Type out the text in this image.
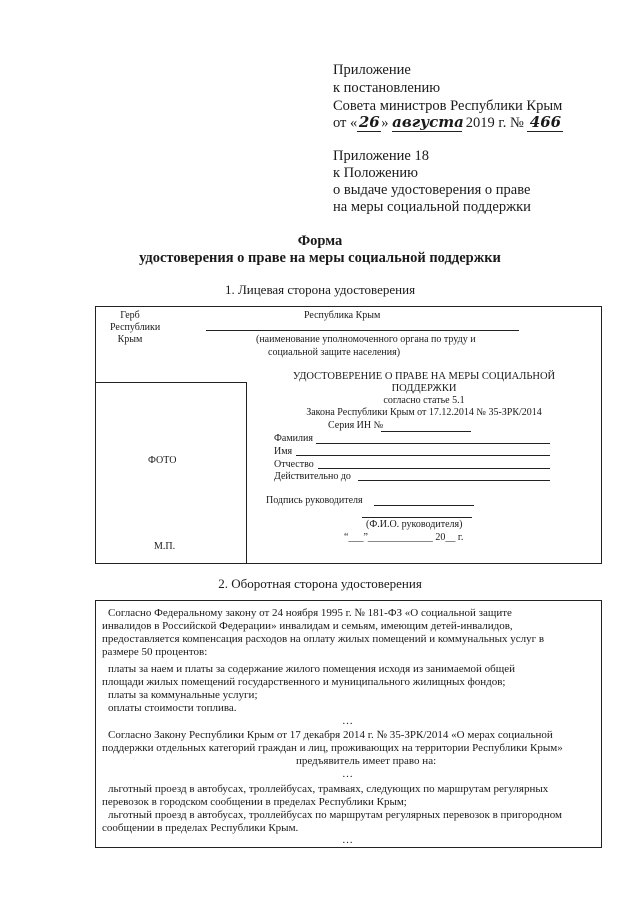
Приложение
к постановлению
Совета министров Республики Крым
от « 26 » августа 2019 г. № 466
Приложение 18
к Положению
о выдаче удостоверения о праве
на меры социальной поддержки
Форма
удостоверения о праве на меры социальной поддержки
1. Лицевая сторона удостоверения
Герб
Республики
Крым
Республика Крым
(наименование уполномоченного органа по труду и
социальной защите населения)
ФОТО
М.П.
УДОСТОВЕРЕНИЕ О ПРАВЕ НА МЕРЫ СОЦИАЛЬНОЙ
ПОДДЕРЖКИ
согласно статье 5.1
Закона Республики Крым от 17.12.2014 № 35-ЗРК/2014
Серия ИН №
Фамилия
Имя
Отчество
Действительно до
Подпись руководителя
(Ф.И.О. руководителя)
“___”_____________ 20__ г.
2. Оборотная сторона удостоверения
Согласно Федеральному закону от 24 ноября 1995 г. № 181-ФЗ «О социальной защите
инвалидов в Российской Федерации» инвалидам и семьям, имеющим детей-инвалидов,
предоставляется компенсация расходов на оплату жилых помещений и коммунальных услуг в
размере 50 процентов:
платы за наем и платы за содержание жилого помещения исходя из занимаемой общей
площади жилых помещений государственного и муниципального жилищных фондов;
платы за коммунальные услуги;
оплаты стоимости топлива.
…
Согласно Закону Республики Крым от 17 декабря 2014 г. № 35-ЗРК/2014 «О мерах социальной
поддержки отдельных категорий граждан и лиц, проживающих на территории Республики Крым»
предъявитель имеет право на:
…
льготный проезд в автобусах, троллейбусах, трамваях, следующих по маршрутам регулярных
перевозок в городском сообщении в пределах Республики Крым;
льготный проезд в автобусах, троллейбусах по маршрутам регулярных перевозок в пригородном
сообщении в пределах Республики Крым.
…
